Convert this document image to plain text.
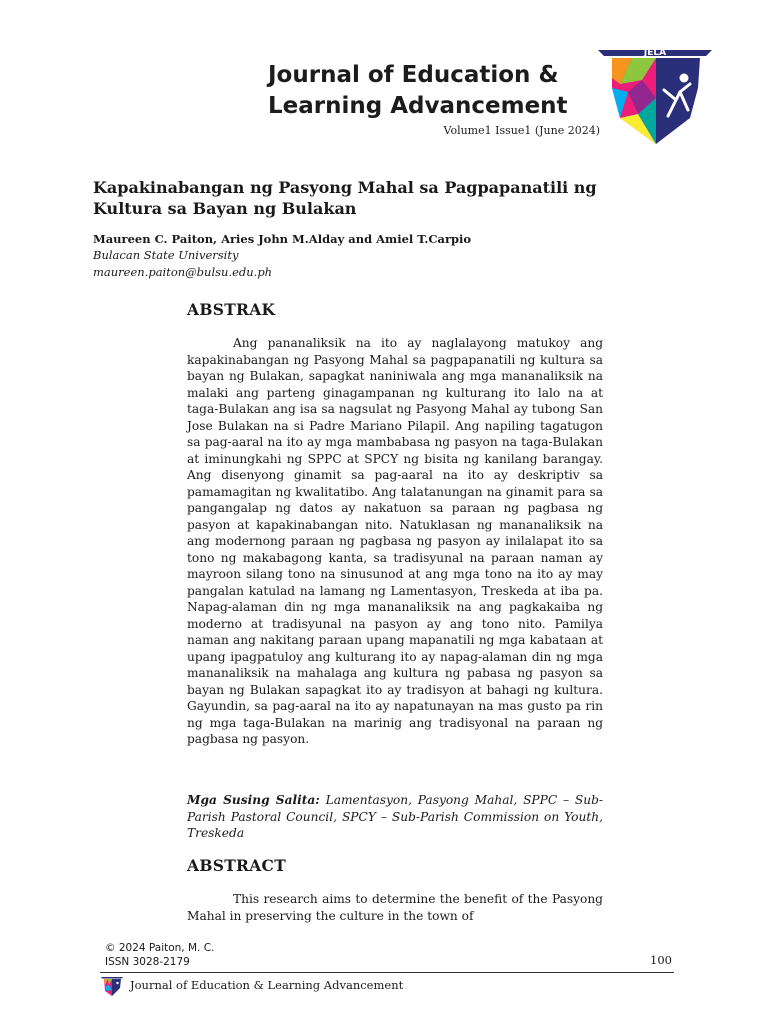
Journal of Education &
Learning Advancement
Volume1 Issue1 (June 2024)
JELA
Kapakinabangan ng Pasyong Mahal sa Pagpapanatili ng Kultura sa Bayan ng Bulakan
Maureen C. Paiton, Aries John M.Alday and Amiel T.Carpio
Bulacan State University
maureen.paiton@bulsu.edu.ph
ABSTRAK

Ang pananaliksik na ito ay naglalayong matukoy ang kapakinabangan ng Pasyong Mahal sa pagpapanatili ng kultura sa bayan ng Bulakan, sapagkat naniniwala ang mga mananaliksik na malaki ang parteng ginagampanan ng kulturang ito lalo na at taga-Bulakan ang isa sa nagsulat ng Pasyong Mahal ay tubong San Jose Bulakan na si Padre Mariano Pilapil. Ang napiling tagatugon sa pag-aaral na ito ay mga mambabasa ng pasyon na taga-Bulakan at iminungkahi ng SPPC at SPCY ng bisita ng kanilang barangay. Ang disenyong ginamit sa pag-aaral na ito ay deskriptiv sa pamamagitan ng kwalitatibo. Ang talatanungan na ginamit para sa pangangalap ng datos ay nakatuon sa paraan ng pagbasa ng pasyon at kapakinabangan nito. Natuklasan ng mananaliksik na ang modernong paraan ng pagbasa ng pasyon ay inilalapat ito sa tono ng makabagong kanta, sa tradisyunal na paraan naman ay mayroon silang tono na sinusunod at ang mga tono na ito ay may pangalan katulad na lamang ng Lamentasyon, Treskeda at iba pa. Napag-alaman din ng mga mananaliksik na ang pagkakaiba ng moderno at tradisyunal na pasyon ay ang tono nito. Pamilya naman ang nakitang paraan upang mapanatili ng mga kabataan at upang ipagpatuloy ang kulturang ito ay napag-alaman din ng mga mananaliksik na mahalaga ang kultura ng pabasa ng pasyon sa bayan ng Bulakan sapagkat ito ay tradisyon at bahagi ng kultura. Gayundin, sa pag-aaral na ito ay napatunayan na mas gusto pa rin ng mga taga-Bulakan na marinig ang tradisyonal na paraan ng pagbasa ng pasyon.

Mga Susing Salita: Lamentasyon, Pasyong Mahal, SPPC – Sub-Parish Pastoral Council, SPCY – Sub-Parish Commission on Youth, Treskeda

ABSTRACT

This research aims to determine the benefit of the Pasyong Mahal in preserving the culture in the town of

© 2024 Paiton, M. C.
ISSN 3028-2179	100
Journal of Education & Learning Advancement
